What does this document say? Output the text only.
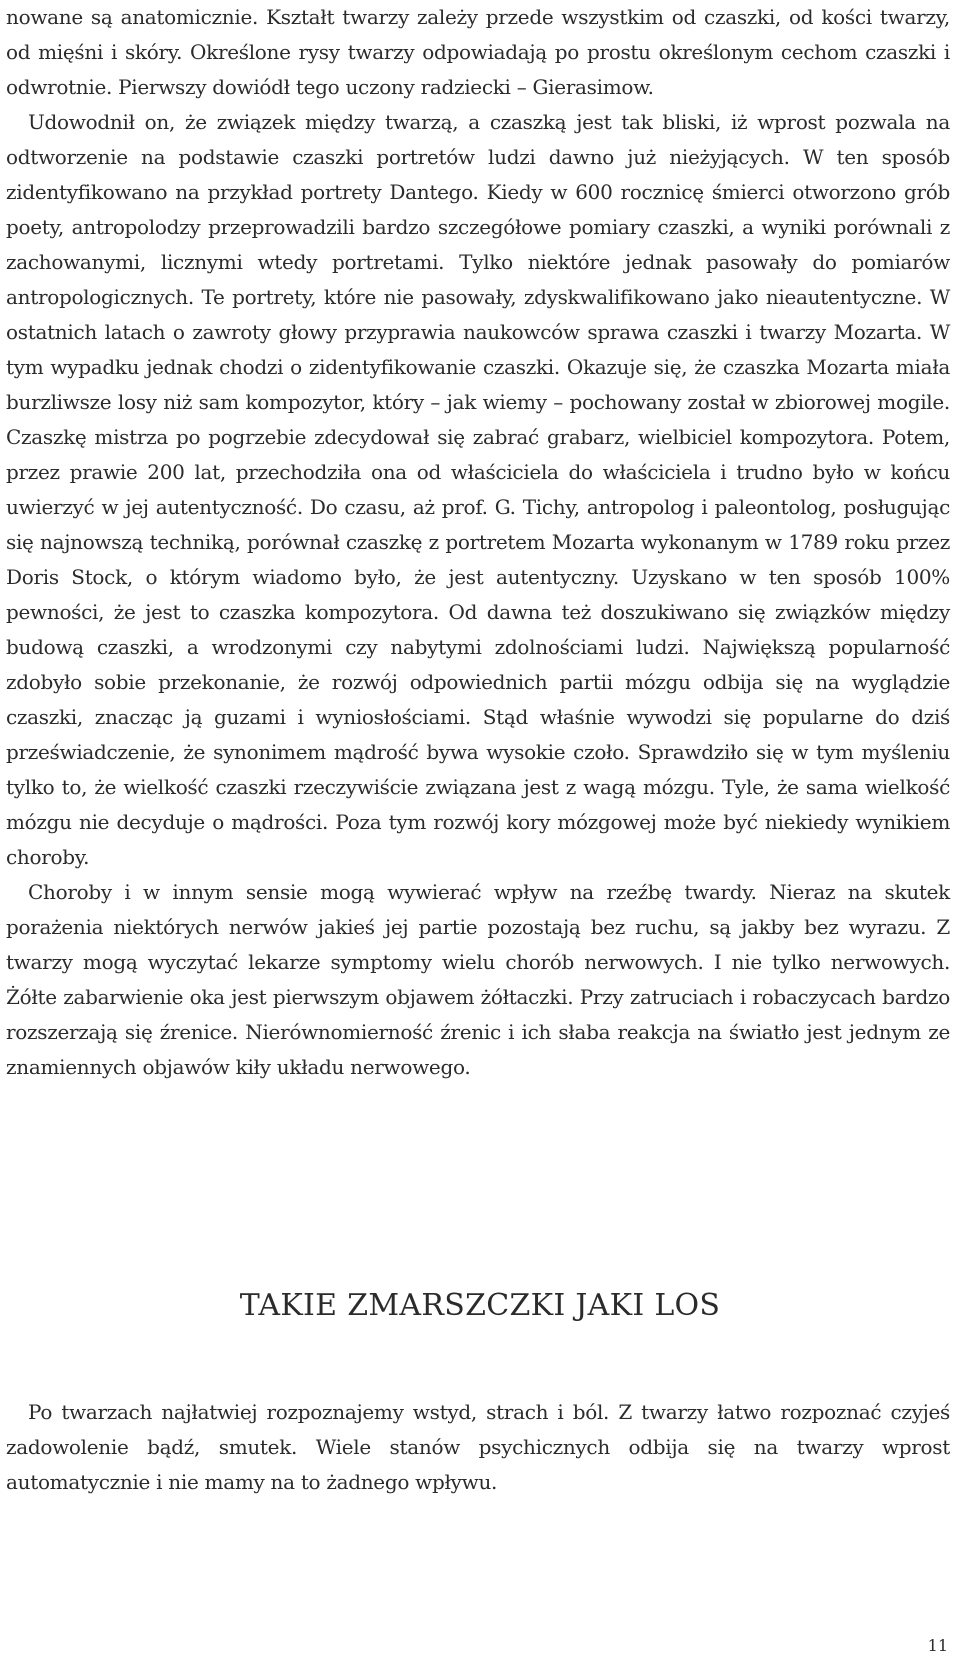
nowane są anatomicznie. Kształt twarzy zależy przede wszystkim od czaszki, od kości twarzy, od mięśni i skóry. Określone rysy twarzy odpowiadają po prostu określonym cechom czaszki i odwrotnie. Pierwszy dowiódł tego uczony radziecki – Gierasimow.

Udowodnił on, że związek między twarzą, a czaszką jest tak bliski, iż wprost pozwala na odtworzenie na podstawie czaszki portretów ludzi dawno już nieżyjących. W ten sposób zidentyfikowano na przykład portrety Dantego. Kiedy w 600 rocznicę śmierci otworzono grób poety, antropolodzy przeprowadzili bardzo szczegółowe pomiary czaszki, a wyniki porównali z zachowanymi, licznymi wtedy portretami. Tylko niektóre jednak pasowały do pomiarów antropologicznych. Te portrety, które nie pasowały, zdyskwalifikowano jako nieautentyczne. W ostatnich latach o zawroty głowy przyprawia naukowców sprawa czaszki i twarzy Mozarta. W tym wypadku jednak chodzi o zidentyfikowanie czaszki. Okazuje się, że czaszka Mozarta miała burzliwsze losy niż sam kompozytor, który – jak wiemy – pochowany został w zbiorowej mogile. Czaszkę mistrza po pogrzebie zdecydował się zabrać grabarz, wielbiciel kompozytora. Potem, przez prawie 200 lat, przechodziła ona od właściciela do właściciela i trudno było w końcu uwierzyć w jej autentyczność. Do czasu, aż prof. G. Tichy, antropolog i paleontolog, posługując się najnowszą techniką, porównał czaszkę z portretem Mozarta wykonanym w 1789 roku przez Doris Stock, o którym wiadomo było, że jest autentyczny. Uzyskano w ten sposób 100% pewności, że jest to czaszka kompozytora. Od dawna też doszukiwano się związków między budową czaszki, a wrodzonymi czy nabytymi zdolnościami ludzi. Największą popularność zdobyło sobie przekonanie, że rozwój odpowiednich partii mózgu odbija się na wyglądzie czaszki, znacząc ją guzami i wyniosłościami. Stąd właśnie wywodzi się popularne do dziś przeświadczenie, że synonimem mądrość bywa wysokie czoło. Sprawdziło się w tym myśleniu tylko to, że wielkość czaszki rzeczywiście związana jest z wagą mózgu. Tyle, że sama wielkość mózgu nie decyduje o mądrości. Poza tym rozwój kory mózgowej może być niekiedy wynikiem choroby.

Choroby i w innym sensie mogą wywierać wpływ na rzeźbę twardy. Nieraz na skutek porażenia niektórych nerwów jakieś jej partie pozostają bez ruchu, są jakby bez wyrazu. Z twarzy mogą wyczytać lekarze symptomy wielu chorób nerwowych. I nie tylko nerwowych. Żółte zabarwienie oka jest pierwszym objawem żółtaczki. Przy zatruciach i robaczycach bardzo rozszerzają się źrenice. Nierównomierność źrenic i ich słaba reakcja na światło jest jednym ze znamiennych objawów kiły układu nerwowego.

TAKIE ZMARSZCZKI JAKI LOS

Po twarzach najłatwiej rozpoznajemy wstyd, strach i ból. Z twarzy łatwo rozpoznać czyjeś zadowolenie bądź, smutek. Wiele stanów psychicznych odbija się na twarzy wprost automatycznie i nie mamy na to żadnego wpływu.

11
